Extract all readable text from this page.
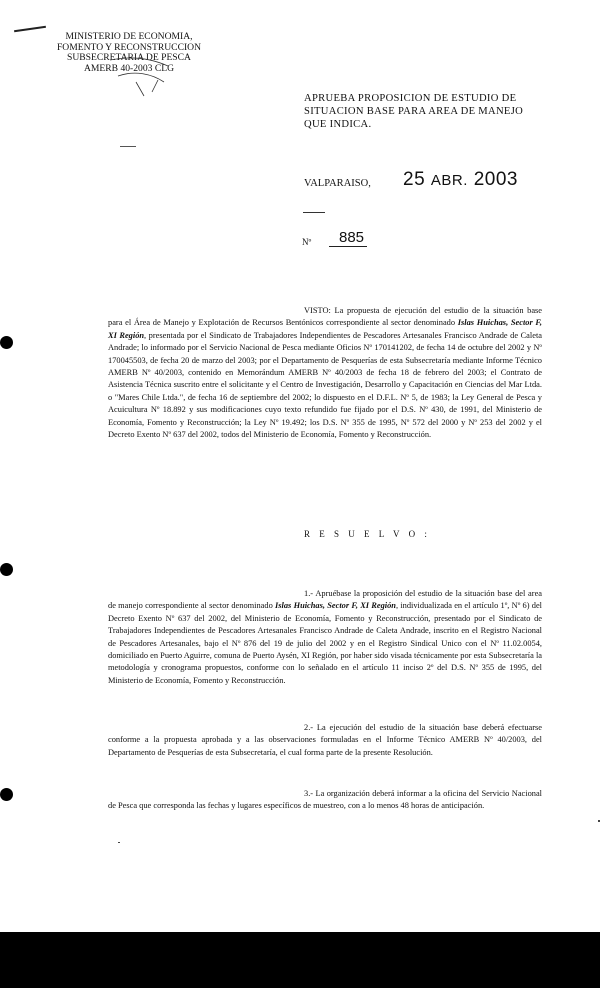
MINISTERIO DE ECONOMIA,
FOMENTO Y RECONSTRUCCION
SUBSECRETARIA DE PESCA
AMERB 40-2003 CLG
APRUEBA PROPOSICION DE ESTUDIO DE
SITUACION BASE PARA AREA DE MANEJO
QUE INDICA.
VALPARAISO, 25 ABR. 2003
Nº 885

VISTO: La propuesta de ejecución del estudio de la situación base para el Área de Manejo y Explotación de Recursos Bentónicos correspondiente al sector denominado Islas Huichas, Sector F, XI Región, presentada por el Sindicato de Trabajadores Independientes de Pescadores Artesanales Francisco Andrade de Caleta Andrade; lo informado por el Servicio Nacional de Pesca mediante Oficios Nº 170141202, de fecha 14 de octubre del 2002 y Nº 170045503, de fecha 20 de marzo del 2003; por el Departamento de Pesquerías de esta Subsecretaría mediante Informe Técnico AMERB Nº 40/2003, contenido en Memorándum AMERB Nº 40/2003 de fecha 18 de febrero del 2003; el Contrato de Asistencia Técnica suscrito entre el solicitante y el Centro de Investigación, Desarrollo y Capacitación en Ciencias del Mar Ltda. o "Mares Chile Ltda.", de fecha 16 de septiembre del 2002; lo dispuesto en el D.F.L. Nº 5, de 1983; la Ley General de Pesca y Acuicultura Nº 18.892 y sus modificaciones cuyo texto refundido fue fijado por el D.S. Nº 430, de 1991, del Ministerio de Economía, Fomento y Reconstrucción; la Ley Nº 19.492; los D.S. Nº 355 de 1995, Nº 572 del 2000 y Nº 253 del 2002 y el Decreto Exento Nº 637 del 2002, todos del Ministerio de Economía, Fomento y Reconstrucción.

R E S U E L V O :

1.- Apruébase la proposición del estudio de la situación base del area de manejo correspondiente al sector denominado Islas Huichas, Sector F, XI Región, individualizada en el artículo 1º, Nº 6) del Decreto Exento Nº 637 del 2002, del Ministerio de Economía, Fomento y Reconstrucción, presentado por el Sindicato de Trabajadores Independientes de Pescadores Artesanales Francisco Andrade de Caleta Andrade, inscrito en el Registro Nacional de Pescadores Artesanales, bajo el Nº 876 del 19 de julio del 2002 y en el Registro Sindical Unico con el Nº 11.02.0054, domiciliado en Puerto Aguirre, comuna de Puerto Aysén, XI Región, por haber sido visada técnicamente por esta Subsecretaría la metodología y cronograma propuestos, conforme con lo señalado en el artículo 11 inciso 2º del D.S. Nº 355 de 1995, del Ministerio de Economía, Fomento y Reconstrucción.

2.- La ejecución del estudio de la situación base deberá efectuarse conforme a la propuesta aprobada y a las observaciones formuladas en el Informe Técnico AMERB Nº 40/2003, del Departamento de Pesquerías de esta Subsecretaría, el cual forma parte de la presente Resolución.

3.- La organización deberá informar a la oficina del Servicio Nacional de Pesca que corresponda las fechas y lugares específicos de muestreo, con a lo menos 48 horas de anticipación.
